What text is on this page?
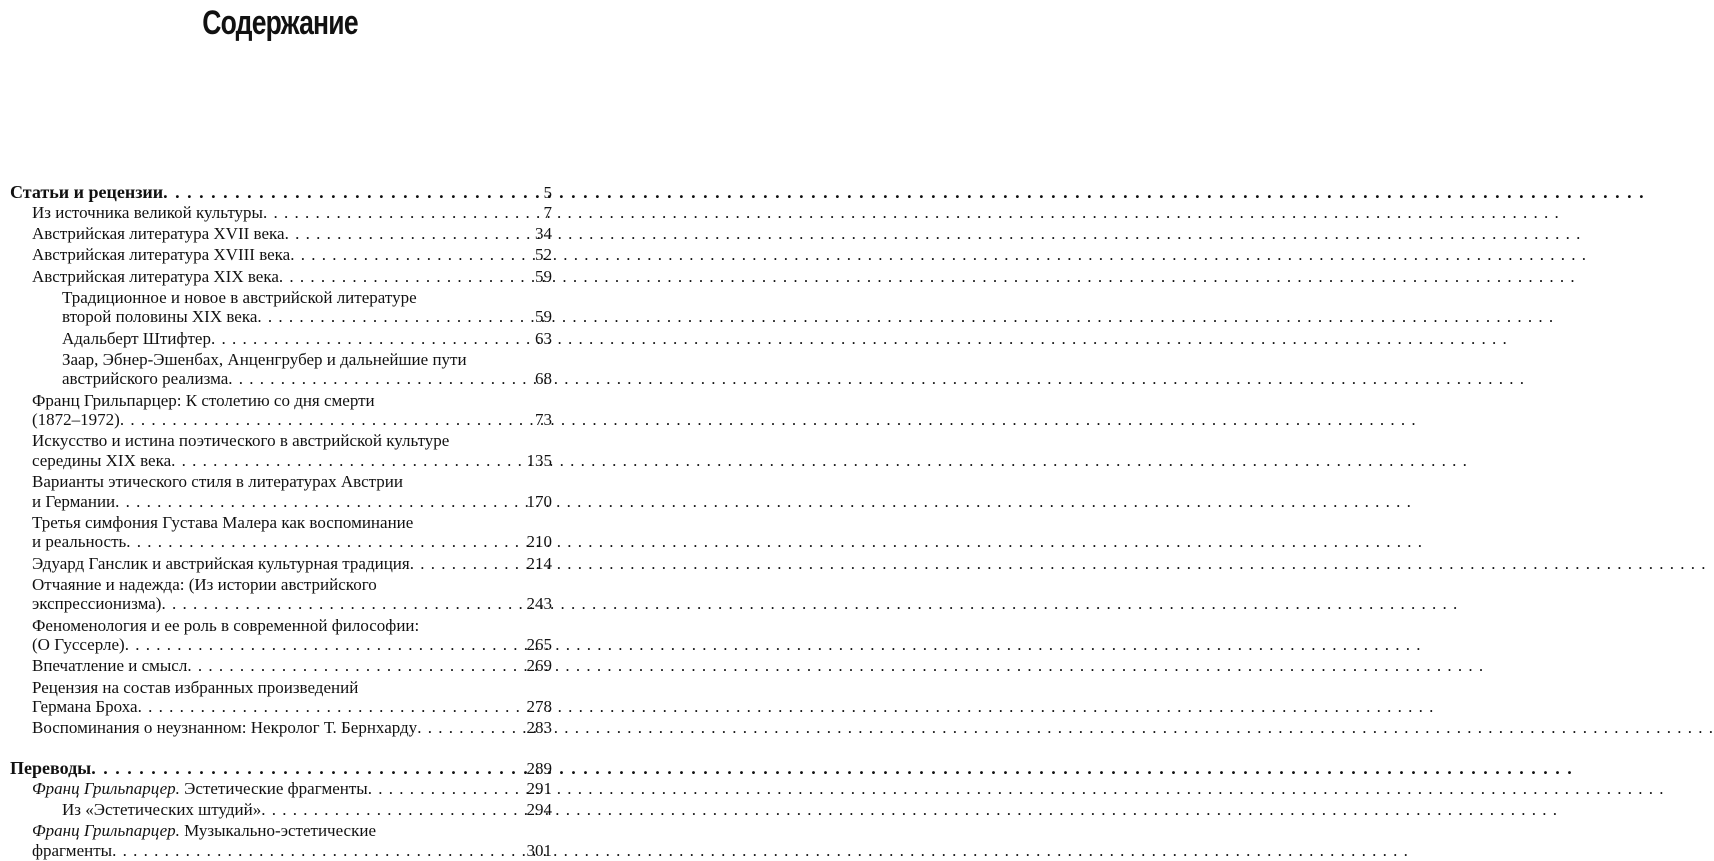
Содержание
Статьи и рецензии . . .	5
Из источника великой культуры . . .	7
Австрийская литература XVII века . . .	34
Австрийская литература XVIII века . . .	52
Австрийская литература XIX века . . .	59
Традиционное и новое в австрийской литературе
второй половины XIX века . . .	59
Адальберт Штифтер . . .	63
Заар, Эбнер-Эшенбах, Анценгрубер и дальнейшие пути
австрийского реализма . . .	68
Франц Грильпарцер: К столетию со дня смерти
(1872–1972) . . .	73
Искусство и истина поэтического в австрийской культуре
середины XIX века . . .	135
Варианты этического стиля в литературах Австрии
и Германии . . .	170
Третья симфония Густава Малера как воспоминание
и реальность . . .	210
Эдуард Ганслик и австрийская культурная традиция . . .	214
Отчаяние и надежда: (Из истории австрийского
экспрессионизма) . . .	243
Феноменология и ее роль в современной философии:
(О Гуссерле) . . .	265
Впечатление и смысл . . .	269
Рецензия на состав избранных произведений
Германа Броха . . .	278
Воспоминания о неузнанном: Некролог Т. Бернхарду . . .	283
Переводы . . .	289
Франц Грильпарцер. Эстетические фрагменты . . .	291
Из «Эстетических штудий» . . .	294
Франц Грильпарцер. Музыкально-эстетические
фрагменты . . .	301
